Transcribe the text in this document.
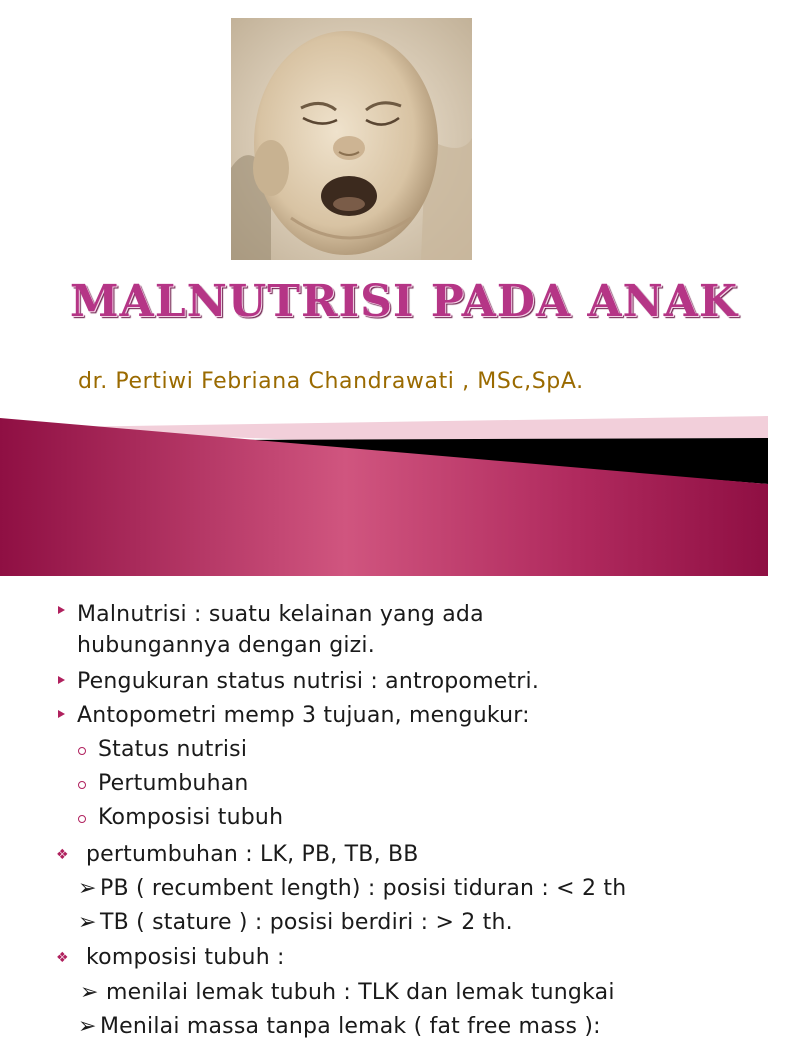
MALNUTRISI PADA ANAK
dr. Pertiwi Febriana Chandrawati , MSc,SpA.
Malnutrisi : suatu kelainan yang ada
hubungannya dengan gizi.
Pengukuran status nutrisi : antropometri.
Antopometri memp 3 tujuan, mengukur:
Status nutrisi
Pertumbuhan
Komposisi tubuh
❖ pertumbuhan : LK, PB, TB, BB
➢ PB ( recumbent length) : posisi tiduran : < 2 th
➢ TB ( stature ) : posisi berdiri : > 2 th.
❖ komposisi tubuh :
➢ menilai lemak tubuh : TLK dan lemak tungkai
➢ Menilai massa tanpa lemak ( fat free mass ):
